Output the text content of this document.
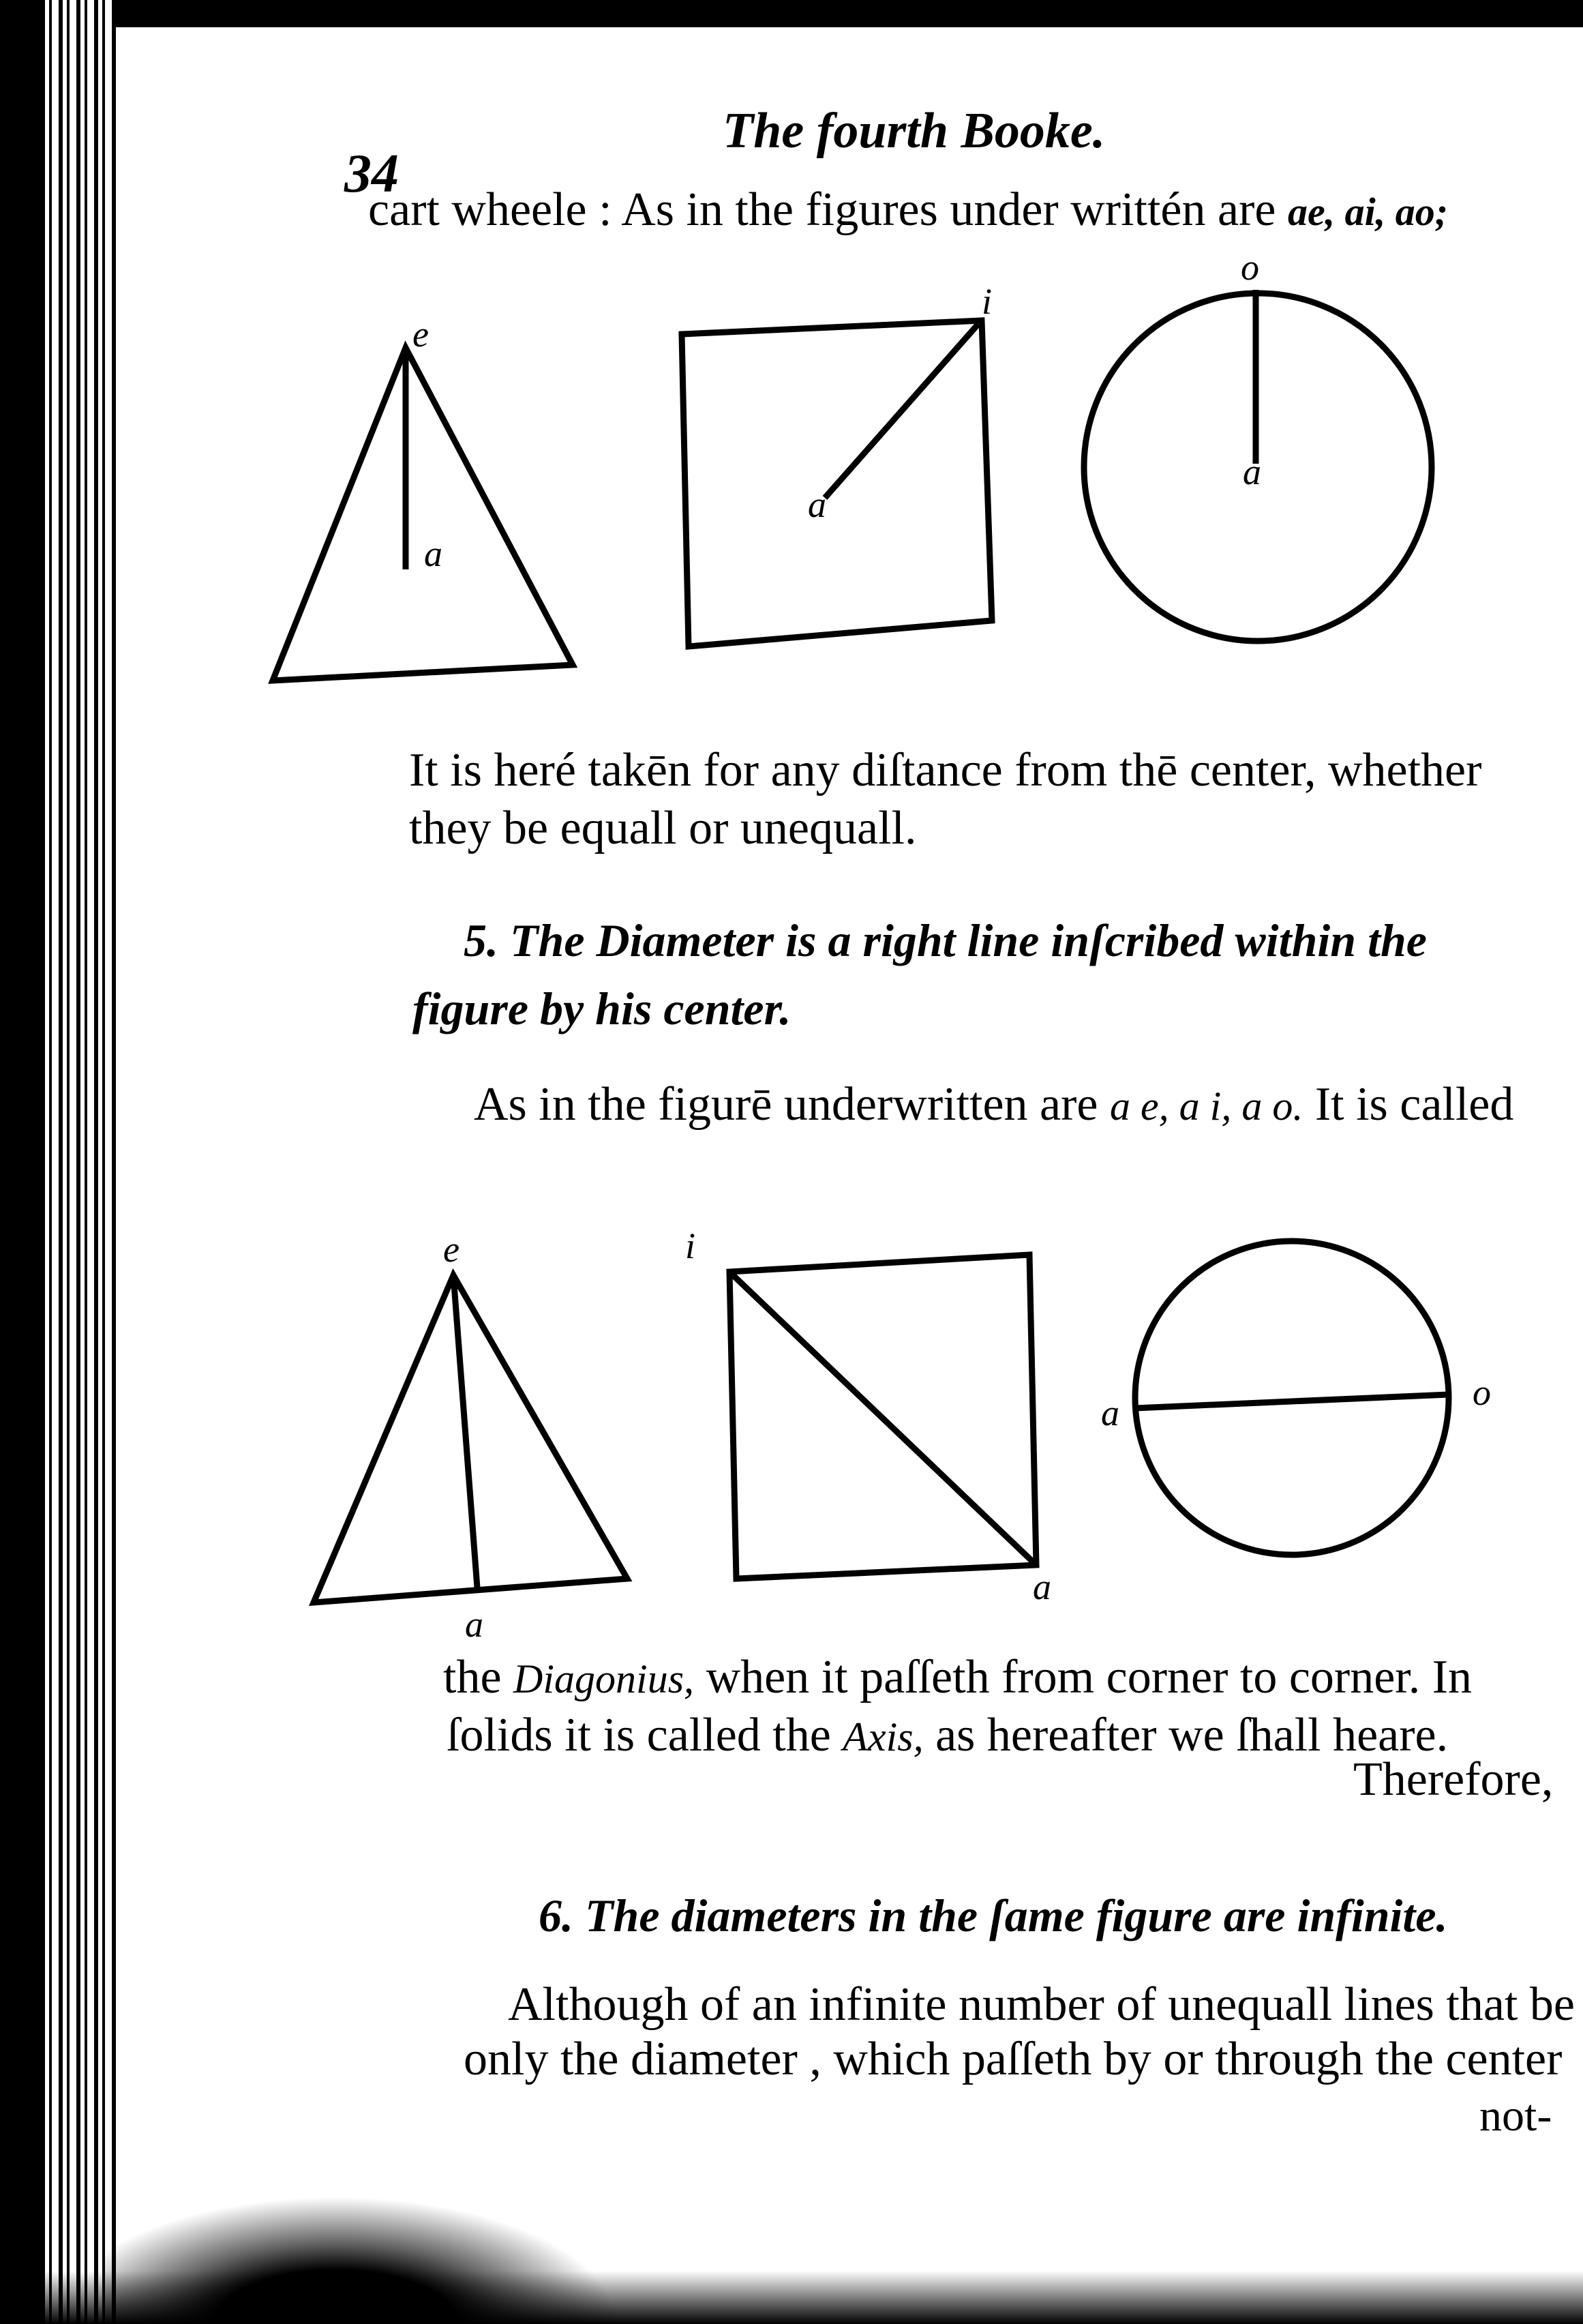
34
The fourth Booke.
cart wheele : As in the figures under writtén are ae, ai, ao;
e
a
i
a
o
a
It is heré takēn for any diſtance from thē center, whether
they be equall or unequall.
5. The Diameter is a right line inſcribed within the
figure by his center.
As in the figurē underwritten are a e, a i, a o. It is called
e
a
i
a
a	o
the Diagonius, when it paſſeth from corner to corner. In
ſolids it is called the Axis, as hereafter we ſhall heare.
Therefore,
6. The diameters in the ſame figure are infinite.
Although of an infinite number of unequall lines that be
only the diameter , which paſſeth by or through the center
not-
